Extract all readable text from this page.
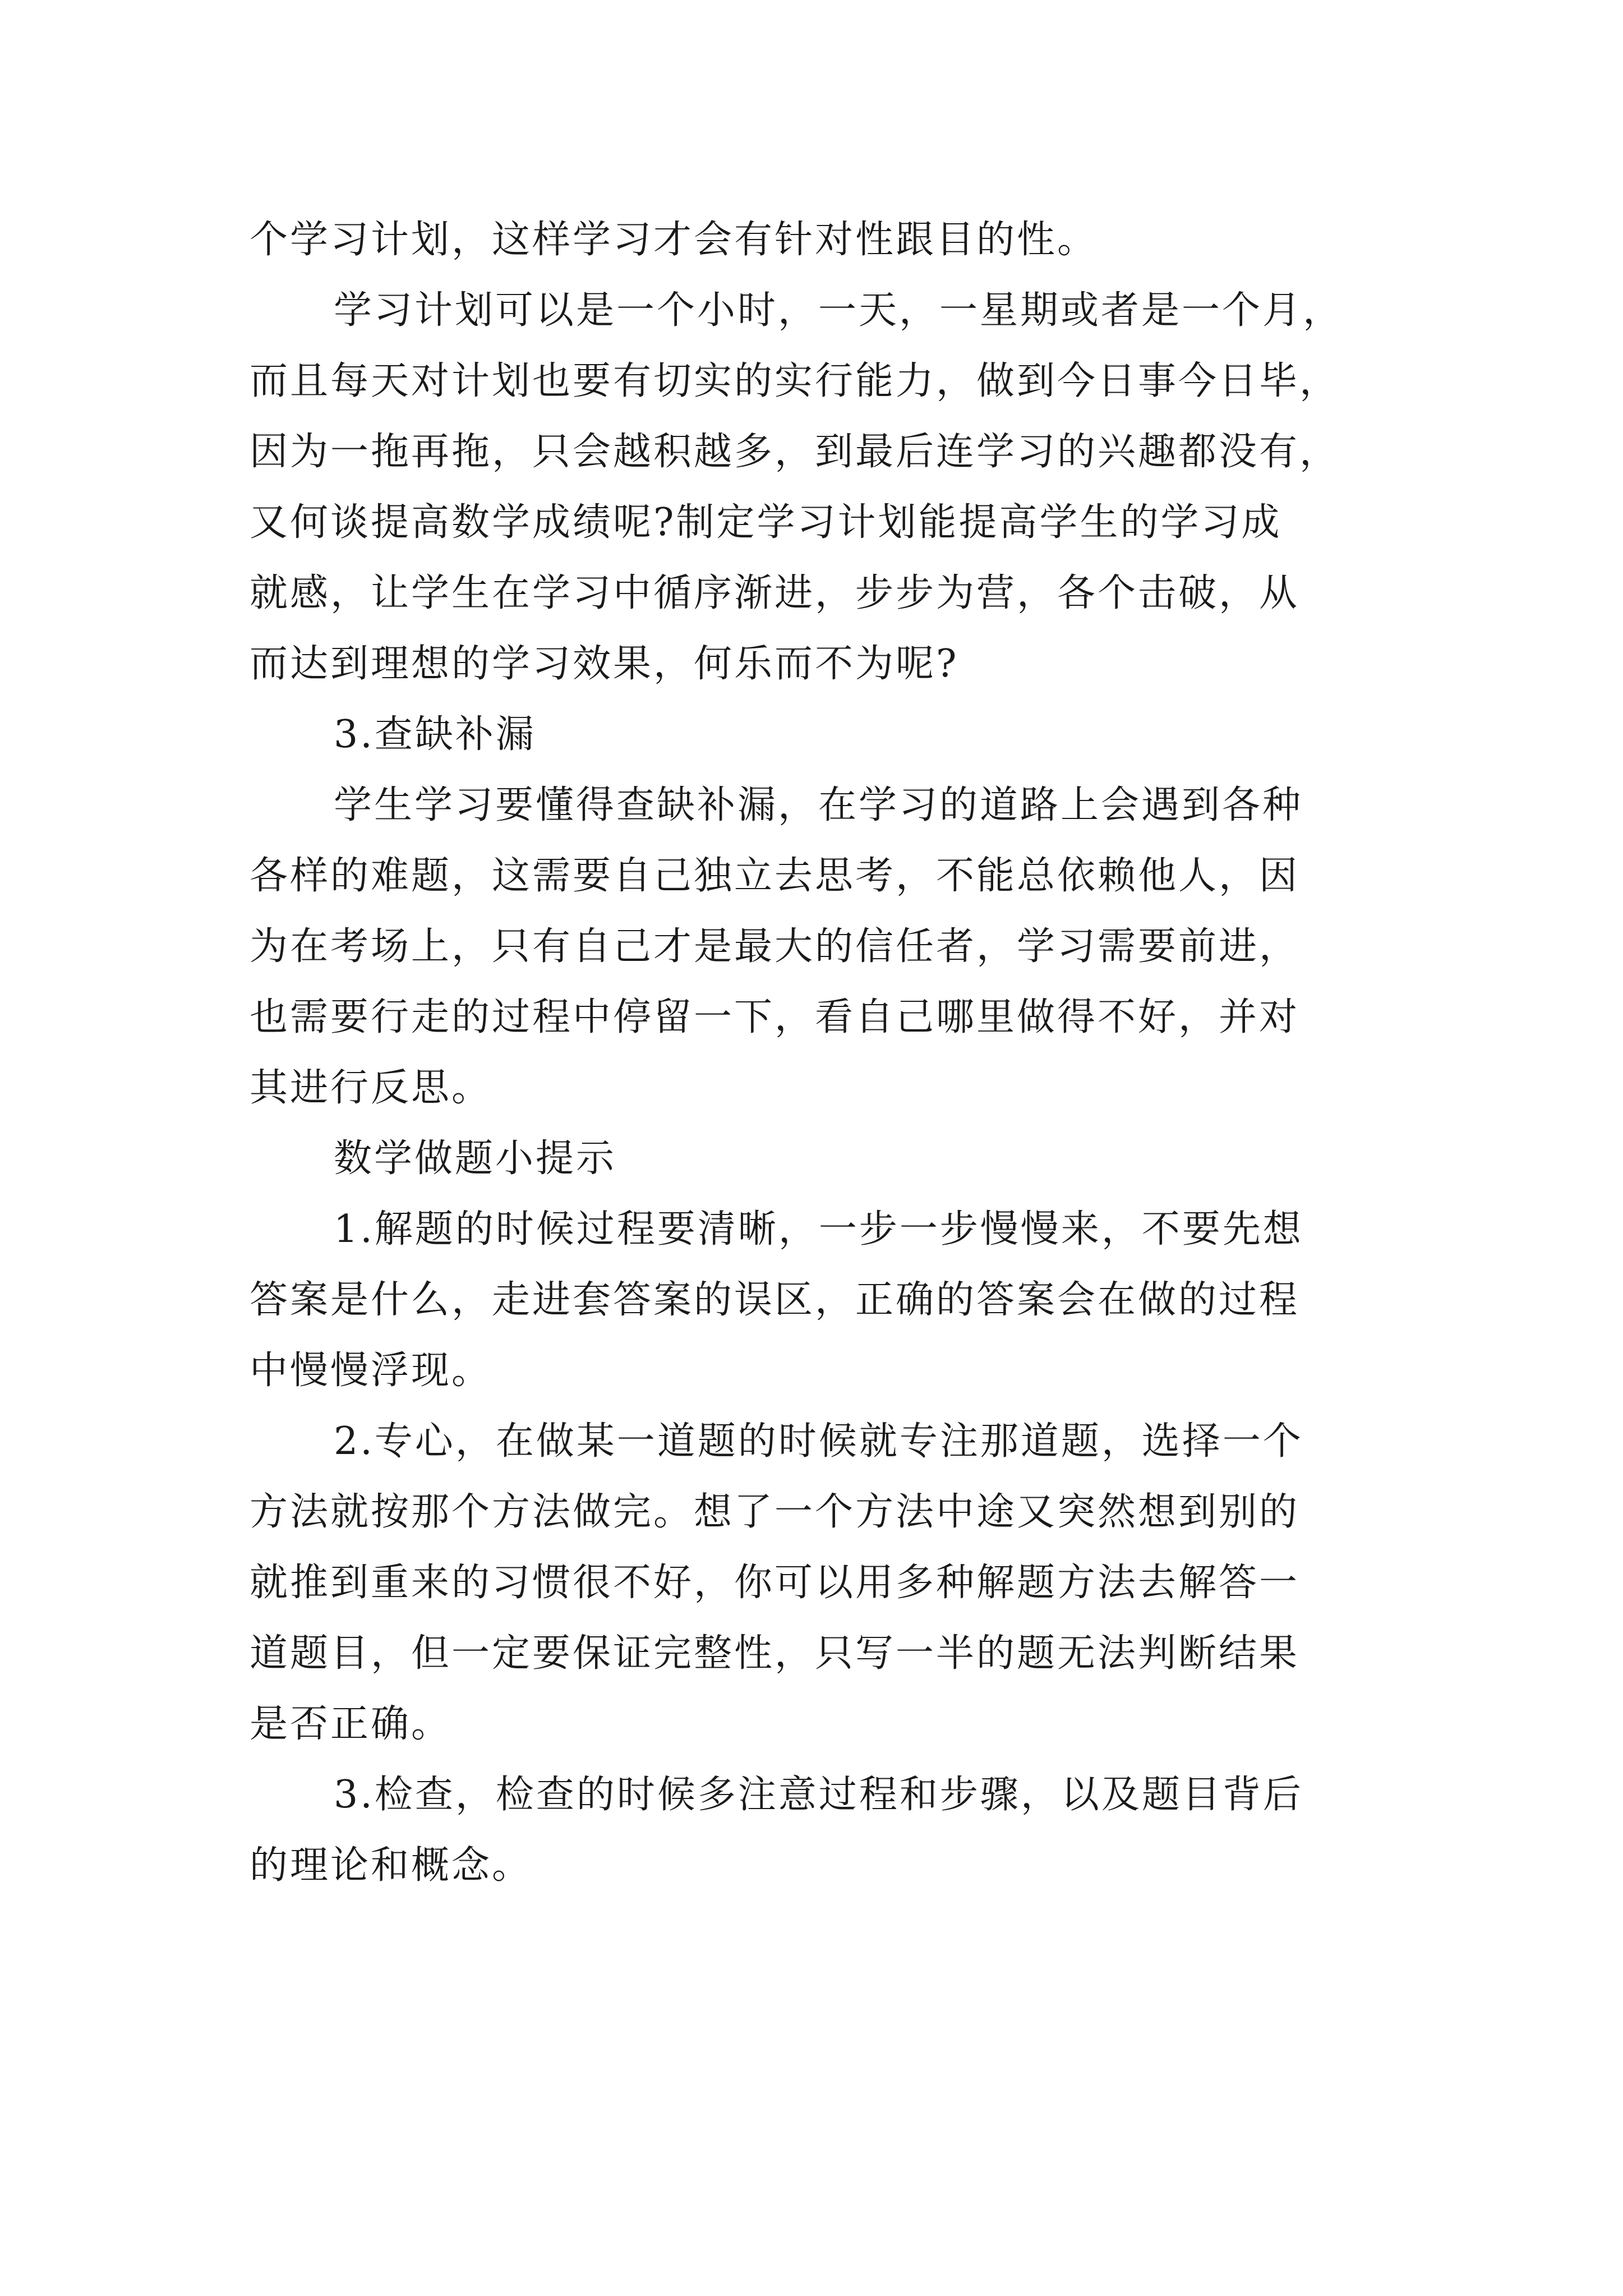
个学习计划，这样学习才会有针对性跟目的性。
学习计划可以是一个小时，一天，一星期或者是一个月，
而且每天对计划也要有切实的实行能力，做到今日事今日毕，
因为一拖再拖，只会越积越多，到最后连学习的兴趣都没有，
又何谈提高数学成绩呢?制定学习计划能提高学生的学习成
就感，让学生在学习中循序渐进，步步为营，各个击破，从
而达到理想的学习效果，何乐而不为呢?
3.查缺补漏
学生学习要懂得查缺补漏，在学习的道路上会遇到各种
各样的难题，这需要自己独立去思考，不能总依赖他人，因
为在考场上，只有自己才是最大的信任者，学习需要前进，
也需要行走的过程中停留一下，看自己哪里做得不好，并对
其进行反思。
数学做题小提示
1.解题的时候过程要清晰，一步一步慢慢来，不要先想
答案是什么，走进套答案的误区，正确的答案会在做的过程
中慢慢浮现。
2.专心，在做某一道题的时候就专注那道题，选择一个
方法就按那个方法做完。想了一个方法中途又突然想到别的
就推到重来的习惯很不好，你可以用多种解题方法去解答一
道题目，但一定要保证完整性，只写一半的题无法判断结果
是否正确。
3.检查，检查的时候多注意过程和步骤，以及题目背后
的理论和概念。
